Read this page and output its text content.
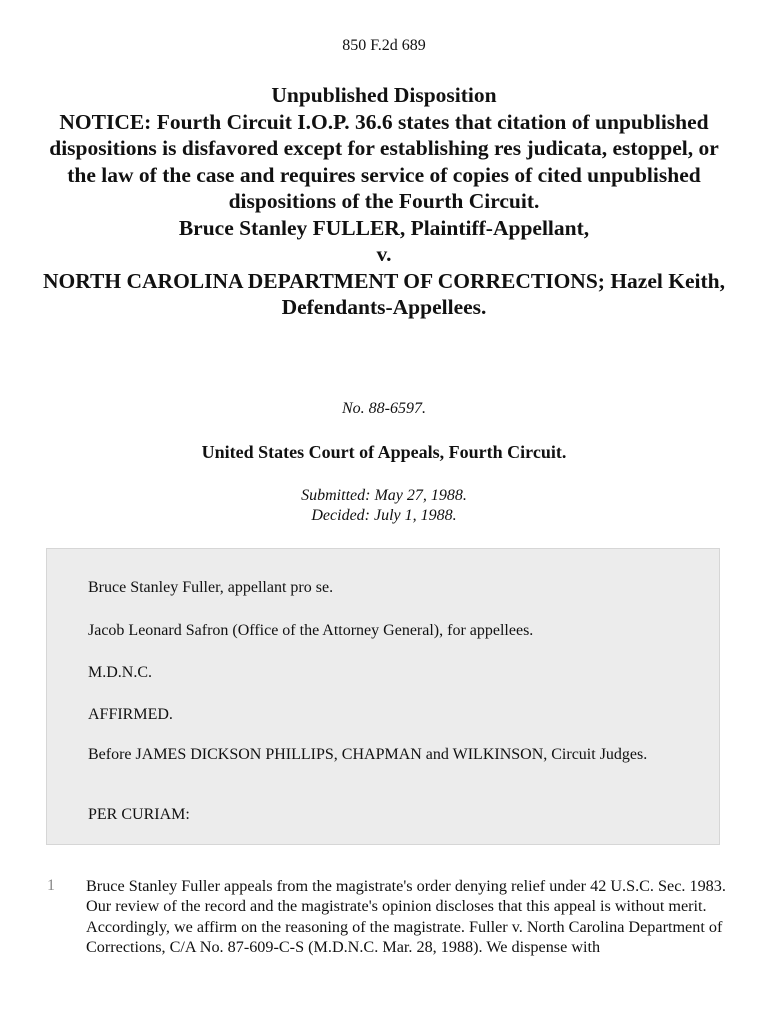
850 F.2d 689
Unpublished Disposition
NOTICE: Fourth Circuit I.O.P. 36.6 states that citation of unpublished dispositions is disfavored except for establishing res judicata, estoppel, or the law of the case and requires service of copies of cited unpublished dispositions of the Fourth Circuit.
Bruce Stanley FULLER, Plaintiff-Appellant,
v.
NORTH CAROLINA DEPARTMENT OF CORRECTIONS; Hazel Keith,
Defendants-Appellees.
No. 88-6597.
United States Court of Appeals, Fourth Circuit.
Submitted: May 27, 1988.
Decided: July 1, 1988.

Bruce Stanley Fuller, appellant pro se.

Jacob Leonard Safron (Office of the Attorney General), for appellees.

M.D.N.C.

AFFIRMED.

Before JAMES DICKSON PHILLIPS, CHAPMAN and WILKINSON, Circuit Judges.

PER CURIAM:

1 Bruce Stanley Fuller appeals from the magistrate's order denying relief under 42 U.S.C. Sec. 1983. Our review of the record and the magistrate's opinion discloses that this appeal is without merit. Accordingly, we affirm on the reasoning of the magistrate. Fuller v. North Carolina Department of Corrections, C/A No. 87-609-C-S (M.D.N.C. Mar. 28, 1988). We dispense with
